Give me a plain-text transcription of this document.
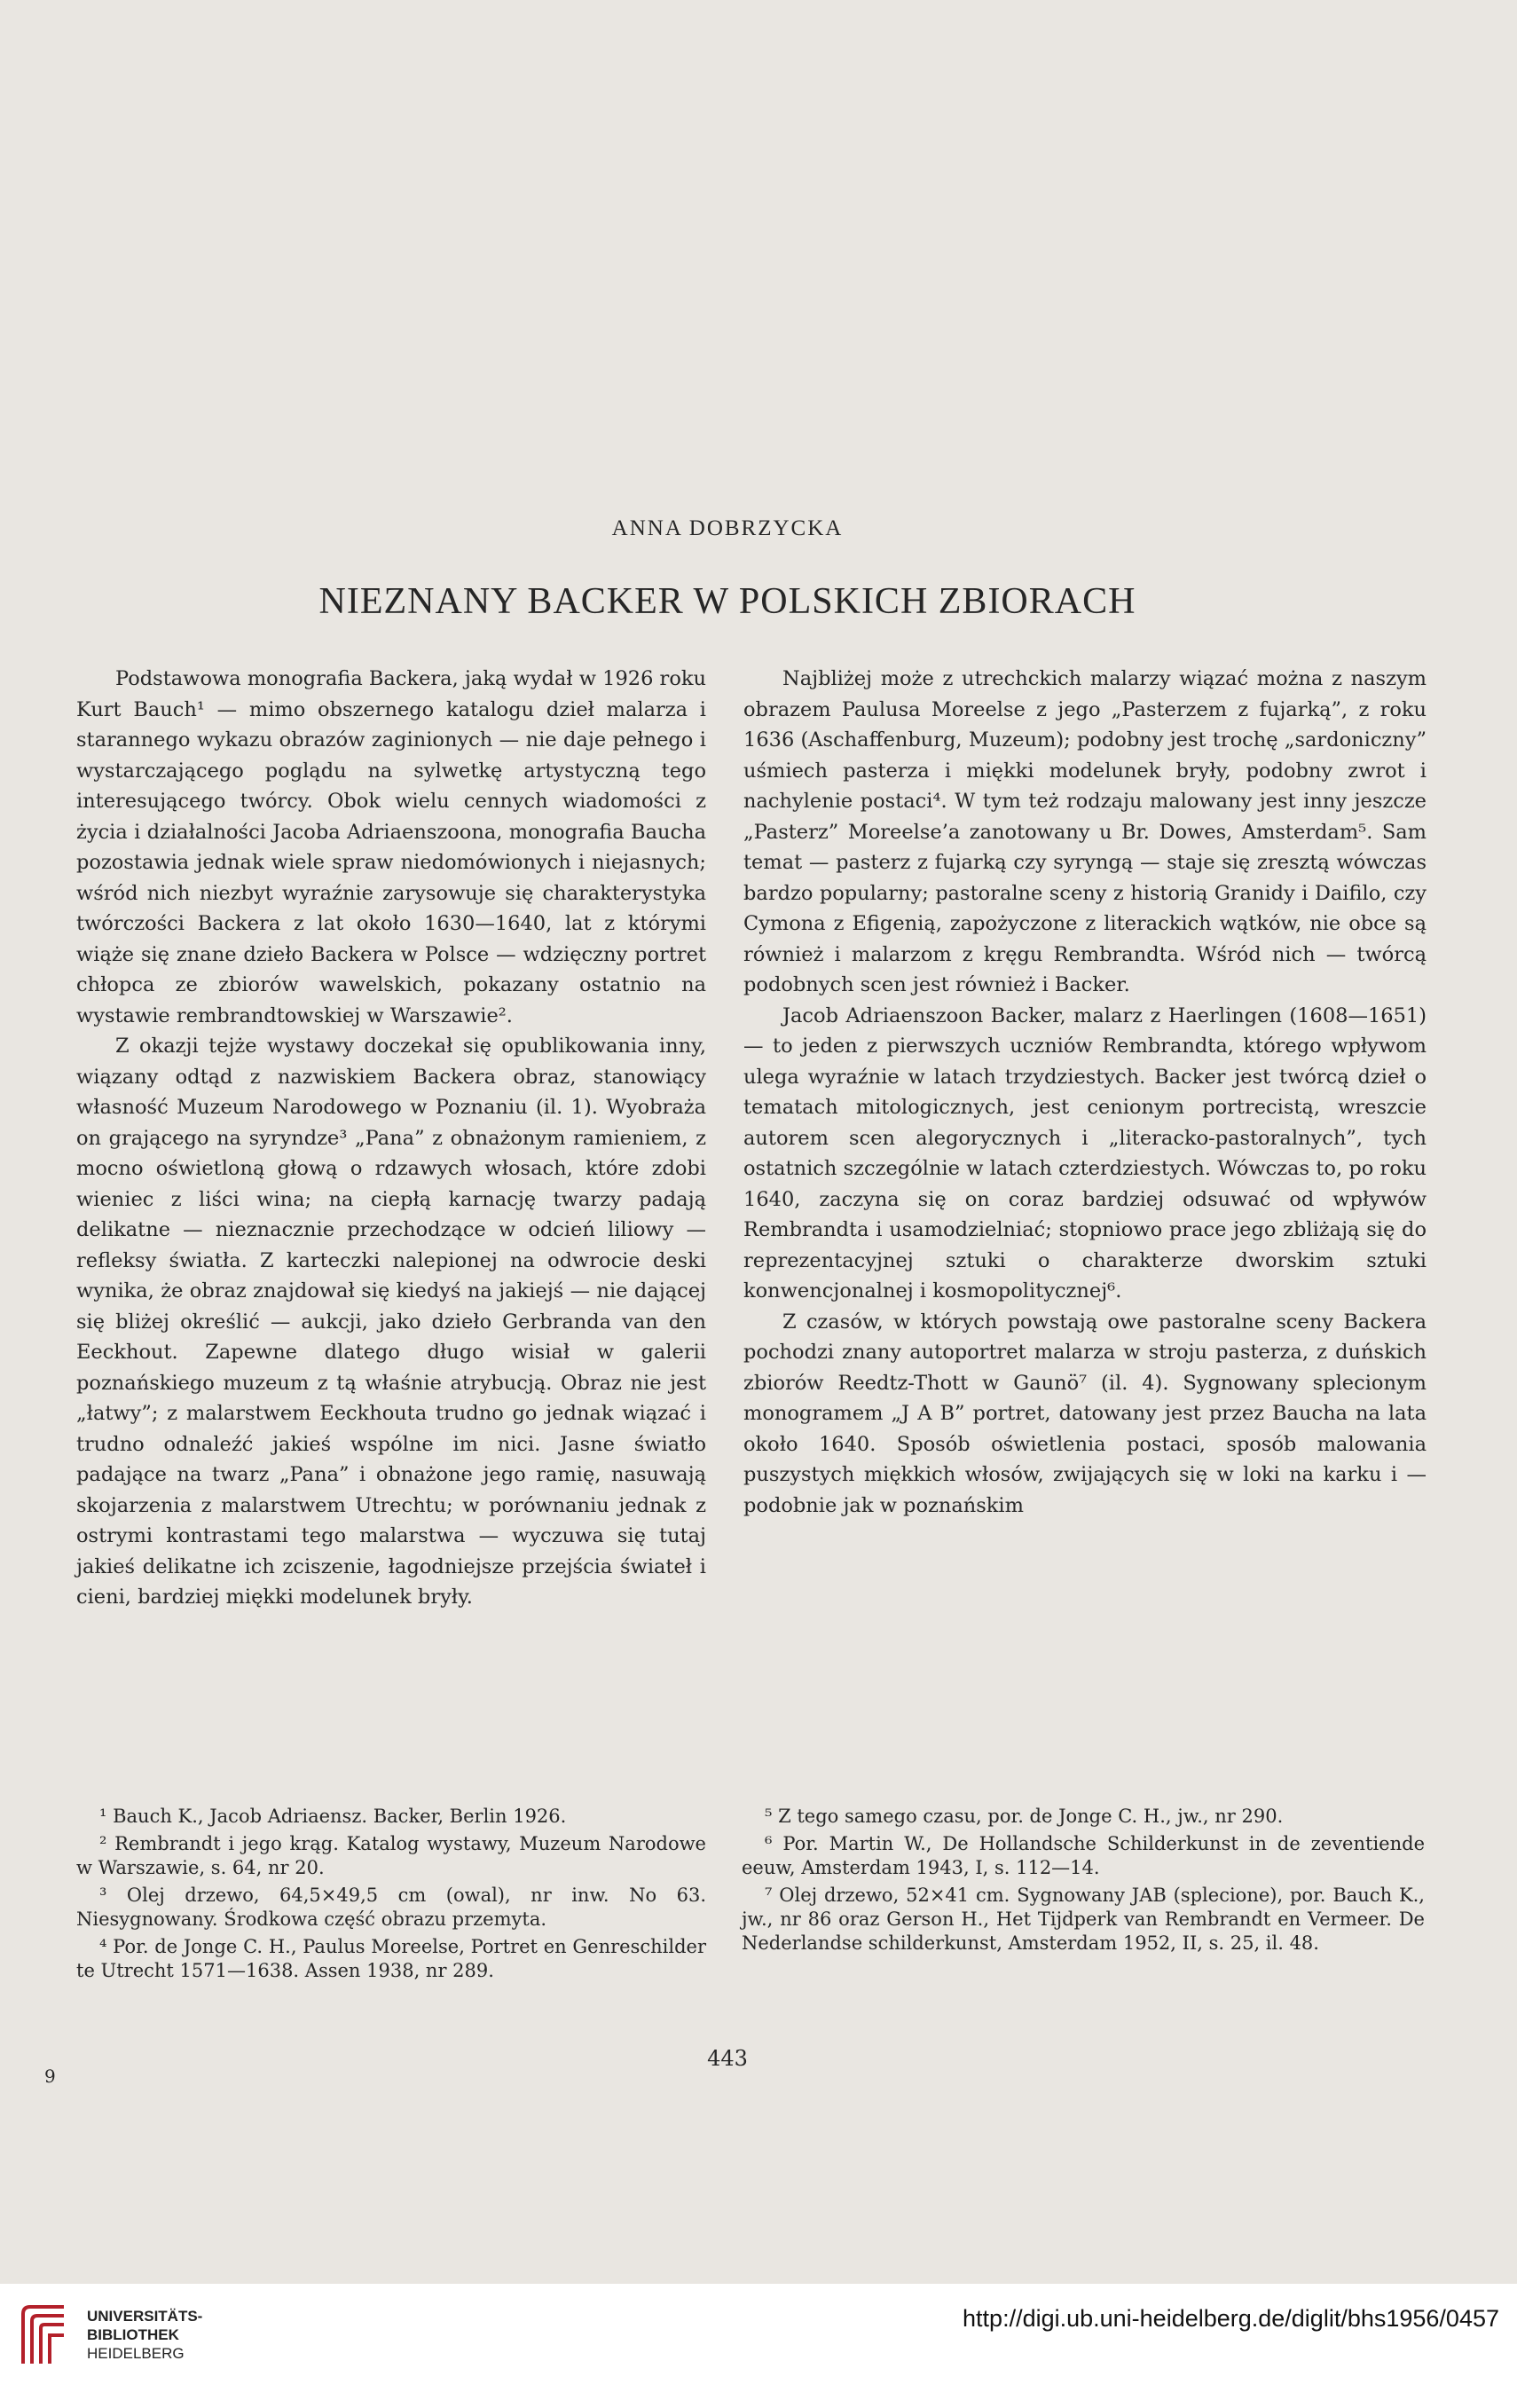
ANNA DOBRZYCKA
NIEZNANY BACKER W POLSKICH ZBIORACH

Podstawowa monografia Backera, jaką wydał w 1926 roku Kurt Bauch¹ — mimo obszernego katalogu dzieł malarza i starannego wykazu obrazów zaginionych — nie daje pełnego i wystarczającego poglądu na sylwetkę artystyczną tego interesującego twórcy. Obok wielu cennych wiadomości z życia i działalności Jacoba Adriaenszoona, monografia Baucha pozostawia jednak wiele spraw niedomówionych i niejasnych; wśród nich niezbyt wyraźnie zarysowuje się charakterystyka twórczości Backera z lat około 1630—1640, lat z którymi wiąże się znane dzieło Backera w Polsce — wdzięczny portret chłopca ze zbiorów wawelskich, pokazany ostatnio na wystawie rembrandtowskiej w Warszawie².

Z okazji tejże wystawy doczekał się opublikowania inny, wiązany odtąd z nazwiskiem Backera obraz, stanowiący własność Muzeum Narodowego w Poznaniu (il. 1). Wyobraża on grającego na syryndze³ „Pana” z obnażonym ramieniem, z mocno oświetloną głową o rdzawych włosach, które zdobi wieniec z liści wina; na ciepłą karnację twarzy padają delikatne — nieznacznie przechodzące w odcień liliowy — refleksy światła. Z karteczki nalepionej na odwrocie deski wynika, że obraz znajdował się kiedyś na jakiejś — nie dającej się bliżej określić — aukcji, jako dzieło Gerbranda van den Eeckhout. Zapewne dlatego długo wisiał w galerii poznańskiego muzeum z tą właśnie atrybucją. Obraz nie jest „łatwy”; z malarstwem Eeckhouta trudno go jednak wiązać i trudno odnaleźć jakieś wspólne im nici. Jasne światło padające na twarz „Pana” i obnażone jego ramię, nasuwają skojarzenia z malarstwem Utrechtu; w porównaniu jednak z ostrymi kontrastami tego malarstwa — wyczuwa się tutaj jakieś delikatne ich zciszenie, łagodniejsze przejścia świateł i cieni, bardziej miękki modelunek bryły.

Najbliżej może z utrechckich malarzy wiązać można z naszym obrazem Paulusa Moreelse z jego „Pasterzem z fujarką”, z roku 1636 (Aschaffenburg, Muzeum); podobny jest trochę „sardoniczny” uśmiech pasterza i miękki modelunek bryły, podobny zwrot i nachylenie postaci⁴. W tym też rodzaju malowany jest inny jeszcze „Pasterz” Moreelse’a zanotowany u Br. Dowes, Amsterdam⁵. Sam temat — pasterz z fujarką czy syryngą — staje się zresztą wówczas bardzo popularny; pastoralne sceny z historią Granidy i Daifilo, czy Cymona z Efigenią, zapożyczone z literackich wątków, nie obce są również i malarzom z kręgu Rembrandta. Wśród nich — twórcą podobnych scen jest również i Backer.

Jacob Adriaenszoon Backer, malarz z Haerlingen (1608—1651) — to jeden z pierwszych uczniów Rembrandta, którego wpływom ulega wyraźnie w latach trzydziestych. Backer jest twórcą dzieł o tematach mitologicznych, jest cenionym portrecistą, wreszcie autorem scen alegorycznych i „literacko-pastoralnych”, tych ostatnich szczególnie w latach czterdziestych. Wówczas to, po roku 1640, zaczyna się on coraz bardziej odsuwać od wpływów Rembrandta i usamodzielniać; stopniowo prace jego zbliżają się do reprezentacyjnej sztuki o charakterze dworskim sztuki konwencjonalnej i kosmopolitycznej⁶.

Z czasów, w których powstają owe pastoralne sceny Backera pochodzi znany autoportret malarza w stroju pasterza, z duńskich zbiorów Reedtz-Thott w Gaunö⁷ (il. 4). Sygnowany splecionym monogramem „J A B” portret, datowany jest przez Baucha na lata około 1640. Sposób oświetlenia postaci, sposób malowania puszystych miękkich włosów, zwijających się w loki na karku i — podobnie jak w poznańskim

¹ Bauch K., Jacob Adriaensz. Backer, Berlin 1926.

² Rembrandt i jego krąg. Katalog wystawy, Muzeum Narodowe w Warszawie, s. 64, nr 20.

³ Olej drzewo, 64,5×49,5 cm (owal), nr inw. No 63. Niesygnowany. Środkowa część obrazu przemyta.

⁴ Por. de Jonge C. H., Paulus Moreelse, Portret en Genreschilder te Utrecht 1571—1638. Assen 1938, nr 289.

⁵ Z tego samego czasu, por. de Jonge C. H., jw., nr 290.

⁶ Por. Martin W., De Hollandsche Schilderkunst in de zeventiende eeuw, Amsterdam 1943, I, s. 112—14.

⁷ Olej drzewo, 52×41 cm. Sygnowany JAB (splecione), por. Bauch K., jw., nr 86 oraz Gerson H., Het Tijdperk van Rembrandt en Vermeer. De Nederlandse schilderkunst, Amsterdam 1952, II, s. 25, il. 48.

443
9
UNIVERSITÄTS-
BIBLIOTHEK
HEIDELBERG
http://digi.ub.uni-heidelberg.de/diglit/bhs1956/0457
